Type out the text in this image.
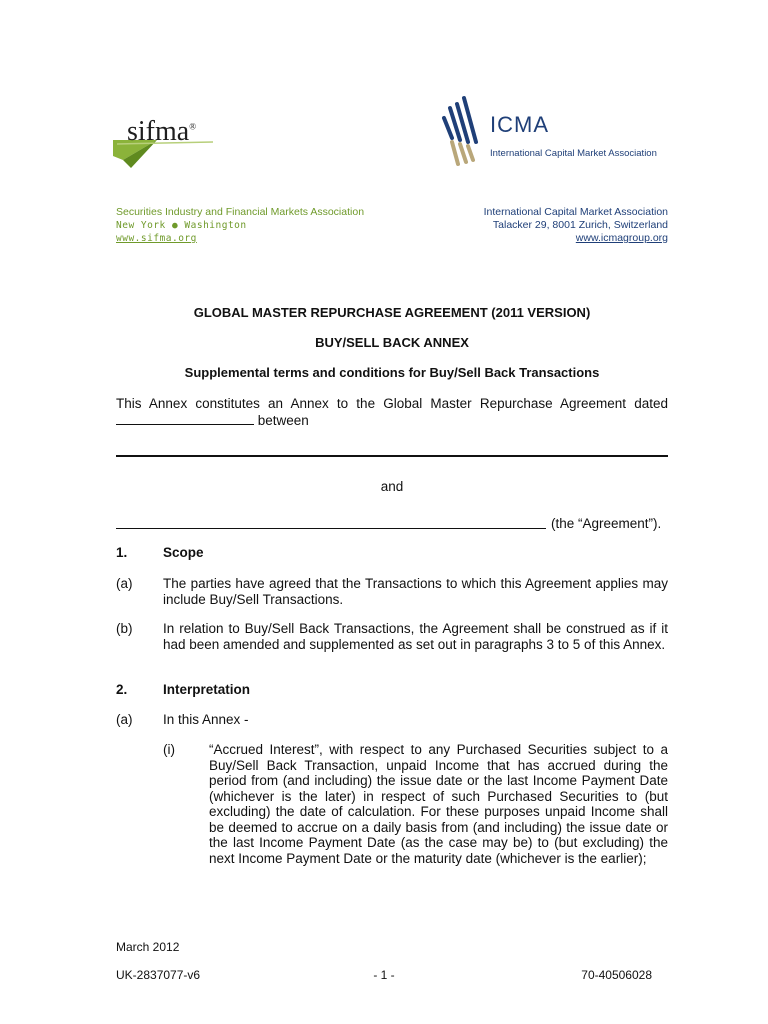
sifma®	ICMA
International Capital Market Association
Securities Industry and Financial Markets Association
New York ● Washington
www.sifma.org
International Capital Market Association
Talacker 29, 8001 Zurich, Switzerland
www.icmagroup.org
GLOBAL MASTER REPURCHASE AGREEMENT (2011 VERSION)
BUY/SELL BACK ANNEX
Supplemental terms and conditions for Buy/Sell Back Transactions
This Annex constitutes an Annex to the Global Master Repurchase Agreement dated  between
and
(the “Agreement”).
1.	Scope
(a) The parties have agreed that the Transactions to which this Agreement applies may include Buy/Sell Transactions.
(b) In relation to Buy/Sell Back Transactions, the Agreement shall be construed as if it had been amended and supplemented as set out in paragraphs 3 to 5 of this Annex.
2.	Interpretation
(a) In this Annex -
(i)	“Accrued Interest”, with respect to any Purchased Securities subject to a Buy/Sell Back Transaction, unpaid Income that has accrued during the period from (and including) the issue date or the last Income Payment Date (whichever is the later) in respect of such Purchased Securities to (but excluding) the date of calculation. For these purposes unpaid Income shall be deemed to accrue on a daily basis from (and including) the issue date or the last Income Payment Date (as the case may be) to (but excluding) the next Income Payment Date or the maturity date (whichever is the earlier);
March 2012
UK-2837077-v6	- 1 -	70-40506028
